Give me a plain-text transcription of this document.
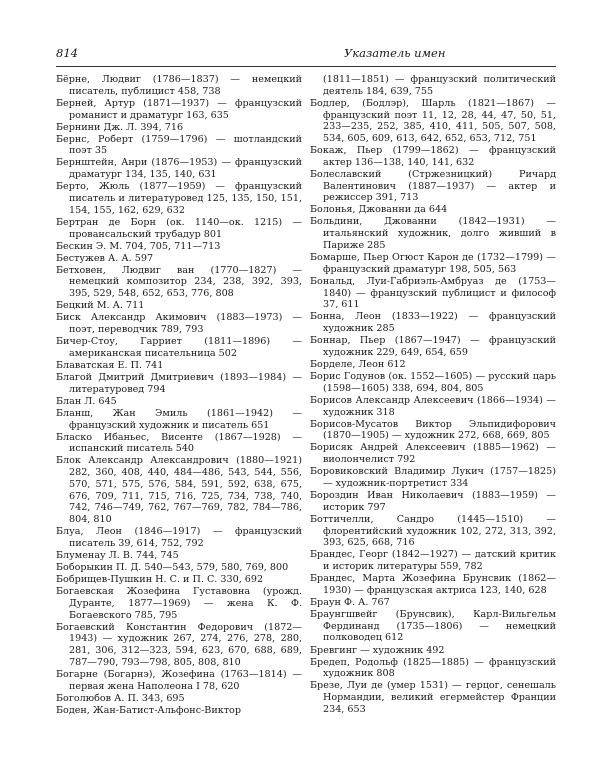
814	Указатель имен

Бёрне, Людвиг (1786—1837) — немецкий писатель, публицист 458, 738

Берней, Артур (1871—1937) — французский романист и драматург 163, 635

Бернини Дж. Л. 394, 716

Бернс, Роберт (1759—1796) — шотландский поэт 35

Бернштейн, Анри (1876—1953) — французский драматург 134, 135, 140, 631

Берто, Жюль (1877—1959) — французский писатель и литературовед 125, 135, 150, 151, 154, 155, 162, 629, 632

Бертран де Борн (ок. 1140—ок. 1215) — провансальский трубадур 801

Бескин Э. М. 704, 705, 711—713

Бестужев А. А. 597

Бетховен, Людвиг ван (1770—1827) — немецкий композитор 234, 238, 392, 393, 395, 529, 548, 652, 653, 776, 808

Бецкий М. А. 711

Биск Александр Акимович (1883—1973) — поэт, переводчик 789, 793

Бичер-Стоу, Гарриет (1811—1896) — американская писательница 502

Блаватская Е. П. 741

Благой Дмитрий Дмитриевич (1893—1984) — литературовед 794

Блан Л. 645

Бланш, Жан Эмиль (1861—1942) — французский художник и писатель 651

Бласко Ибаньес, Висенте (1867—1928) — испанский писатель 540

Блок Александр Александрович (1880—1921) 282, 360, 408, 440, 484—486, 543, 544, 556, 570, 571, 575, 576, 584, 591, 592, 638, 675, 676, 709, 711, 715, 716, 725, 734, 738, 740, 742, 746—749, 762, 767—769, 782, 784—786, 804, 810

Блуа, Леон (1846—1917) — французский писатель 39, 614, 752, 792

Блуменау Л. В. 744, 745

Боборыкин П. Д. 540—543, 579, 580, 769, 800

Бобрищев-Пушкин Н. С. и П. С. 330, 692

Богаевская Жозефина Густавовна (урожд. Дуранте, 1877—1969) — жена К. Ф. Богаевского 785, 795

Богаевский Константин Федорович (1872—1943) — художник 267, 274, 276, 278, 280, 281, 306, 312—323, 594, 623, 670, 688, 689, 787—790, 793—798, 805, 808, 810

Богарне (Богарнэ), Жозефина (1763—1814) — первая жена Наполеона I 78, 620

Боголюбов А. П. 343, 695

Боден, Жан-Батист-Альфонс-Виктор

(1811—1851) — французский политический деятель 184, 639, 755

Бодлер, (Бодлэр), Шарль (1821—1867) — французский поэт 11, 12, 28, 44, 47, 50, 51, 233—235, 252, 385, 410, 411, 505, 507, 508, 534, 605, 609, 613, 642, 652, 653, 712, 751

Бокаж, Пьер (1799—1862) — французский актер 136—138, 140, 141, 632

Болеславский (Стржезницкий) Ричард Валентинович (1887—1937) — актер и режиссер 391, 713

Болонья, Джованни да 644

Больдини, Джованни (1842—1931) — итальянский художник, долго живший в Париже 285

Бомарше, Пьер Огюст Карон де (1732—1799) — французский драматург 198, 505, 563

Бональд, Луи-Габриэль-Амбруаз де (1753—1840) — французский публицист и философ 37, 611

Бонна, Леон (1833—1922) — французский художник 285

Боннар, Пьер (1867—1947) — французский художник 229, 649, 654, 659

Борделе, Леон 612

Борис Годунов (ок. 1552—1605) — русский царь (1598—1605) 338, 694, 804, 805

Борисов Александр Алексеевич (1866—1934) — художник 318

Борисов-Мусатов Виктор Эльпидифорович (1870—1905) — художник 272, 668, 669, 805

Борисяк Андрей Алексеевич (1885—1962) — виолончелист 792

Боровиковский Владимир Лукич (1757—1825) — художник-портретист 334

Бороздин Иван Николаевич (1883—1959) — историк 797

Боттичелли, Сандро (1445—1510) — флорентийский художник 102, 272, 313, 392, 393, 625, 668, 716

Брандес, Георг (1842—1927) — датский критик и историк литературы 559, 782

Брандес, Марта Жозефина Брунсвик (1862—1930) — французская актриса 123, 140, 628

Браун Ф. А. 767

Браунгшвейг (Брунсвик), Карл-Вильгельм Фердинанд (1735—1806) — немецкий полководец 612

Бревгинг — художник 492

Бредеп, Родольф (1825—1885) — французский художник 808

Брезе, Луи де (умер 1531) — герцог, сенешаль Нормандии, великий егермейстер Франции 234, 653
